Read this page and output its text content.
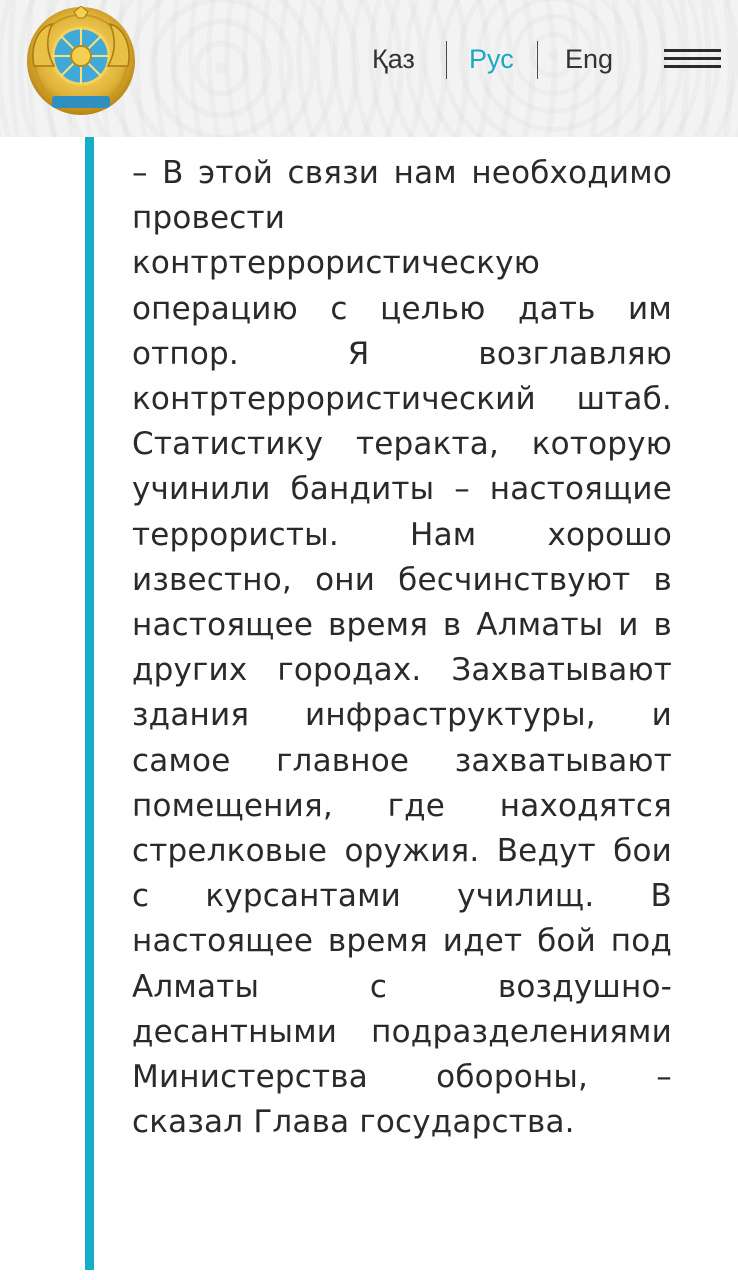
Қаз Рус Eng

– В этой связи нам необходимо провести контртеррористическую операцию с целью дать им отпор. Я возглавляю контртеррористический штаб. Статистику теракта, которую учинили бандиты – настоящие террористы. Нам хорошо известно, они бесчинствуют в настоящее время в Алматы и в других городах. Захватывают здания инфраструктуры, и самое главное захватывают помещения, где находятся стрелковые оружия. Ведут бои с курсантами училищ. В настоящее время идет бой под Алматы с воздушно-десантными подразделениями Министерства обороны, – сказал Глава государства.
